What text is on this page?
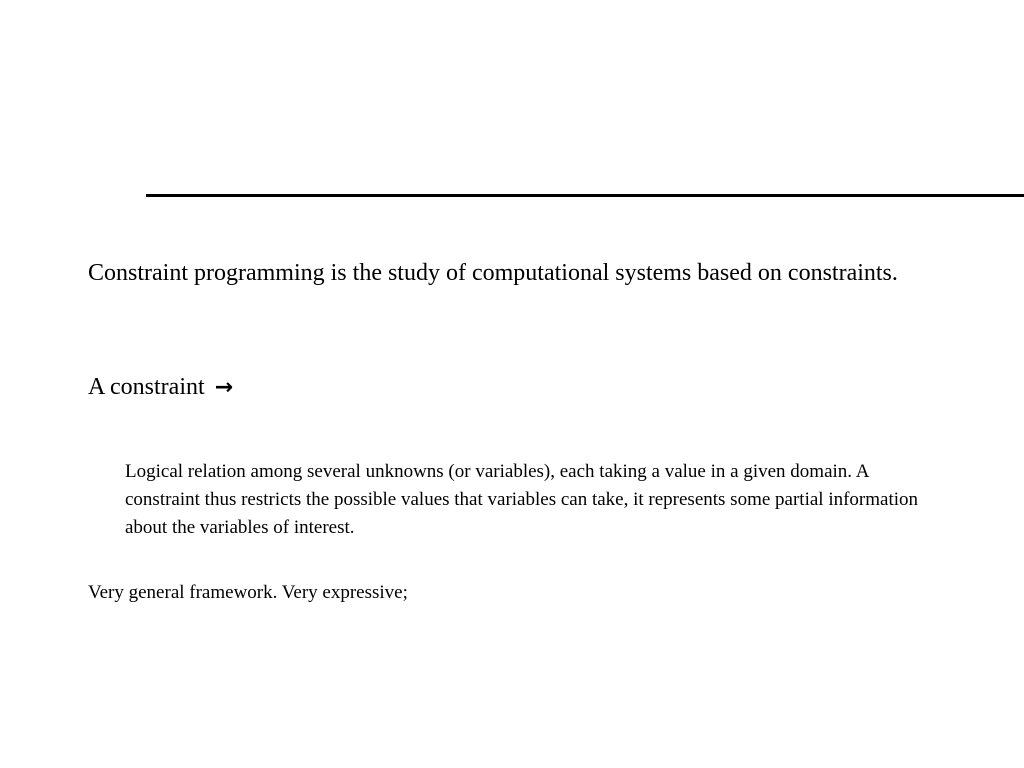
Constraint programming is the study of computational systems based on constraints.

A constraint →

Logical relation among several unknowns (or variables), each taking a value in a given domain. A constraint thus restricts the possible values that variables can take, it represents some partial information about the variables of interest.

Very general framework. Very expressive;
